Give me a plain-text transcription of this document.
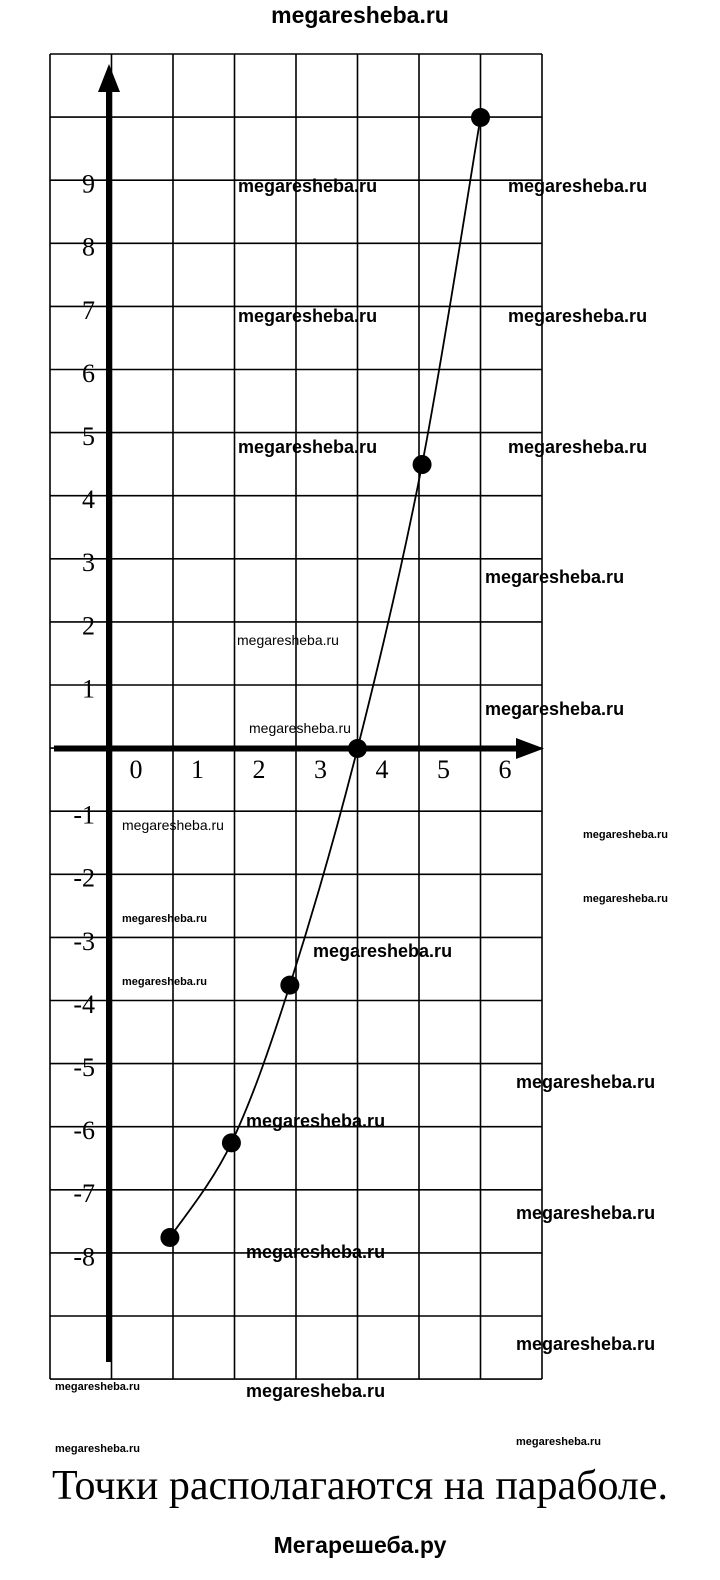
megaresheba.ru
0 1 2 3 4 5 6
9
8
7
6
5
4
3
2
1
-1
-2
-3
-4
-5
-6
-7
-8
megaresheba.ru	megaresheba.ru
megaresheba.ru	megaresheba.ru
megaresheba.ru	megaresheba.ru
megaresheba.ru
megaresheba.ru
megaresheba.ru
megaresheba.ru
megaresheba.ru
megaresheba.ru
megaresheba.ru
megaresheba.ru
megaresheba.ru
megaresheba.ru
megaresheba.ru
megaresheba.ru
megaresheba.ru
megaresheba.ru
megaresheba.ru
megaresheba.ru
megaresheba.ru
megaresheba.ru
megaresheba.ru
Точки располагаются на параболе.
Мегарешеба.ру
